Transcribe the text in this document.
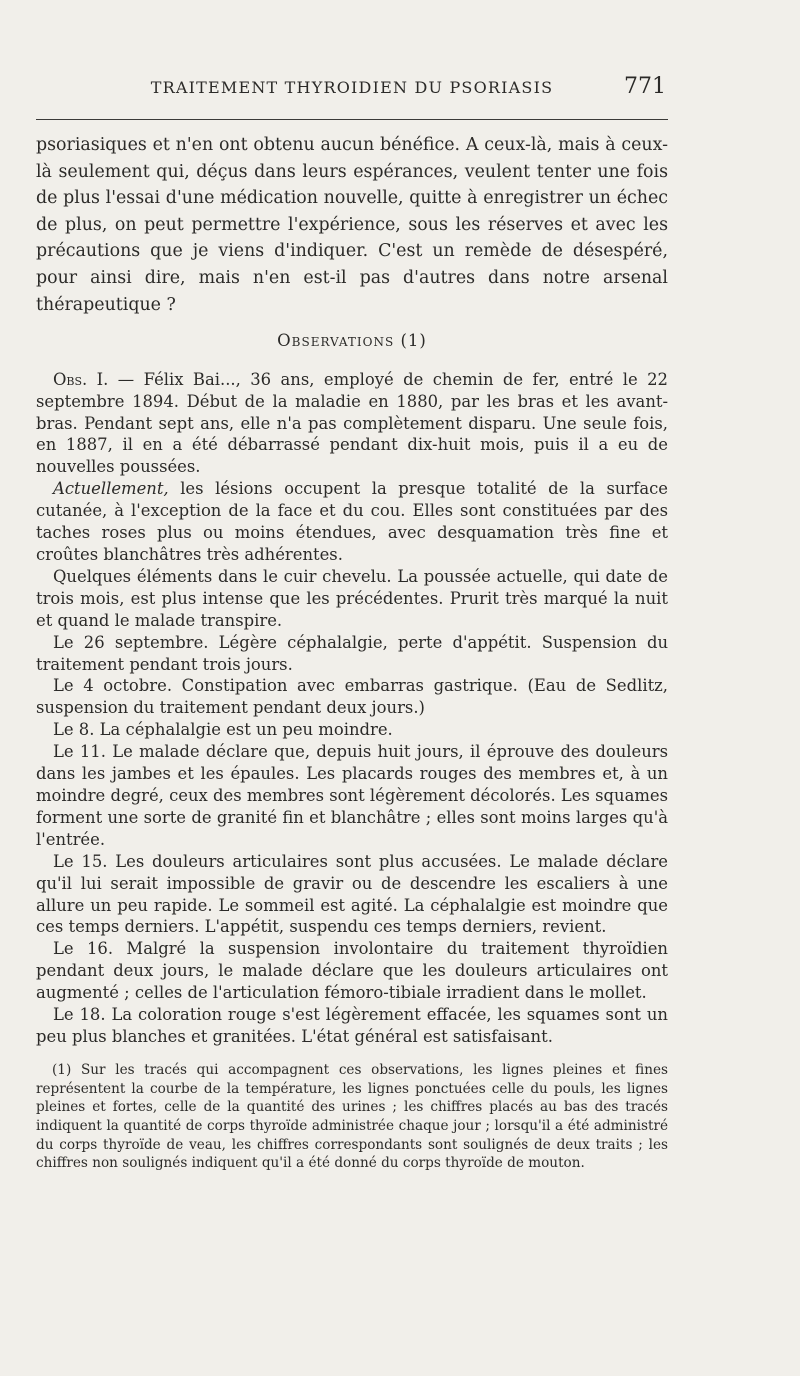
TRAITEMENT THYROIDIEN DU PSORIASIS	771

psoriasiques et n'en ont obtenu aucun bénéfice. A ceux-là, mais à ceux-là seulement qui, déçus dans leurs espérances, veulent tenter une fois de plus l'essai d'une médication nouvelle, quitte à enregistrer un échec de plus, on peut permettre l'expérience, sous les réserves et avec les précautions que je viens d'indiquer. C'est un remède de désespéré, pour ainsi dire, mais n'en est-il pas d'autres dans notre arsenal thérapeutique ?

Observations (1)

Obs. I. — Félix Bai..., 36 ans, employé de chemin de fer, entré le 22 septembre 1894. Début de la maladie en 1880, par les bras et les avant-bras. Pendant sept ans, elle n'a pas complètement disparu. Une seule fois, en 1887, il en a été débarrassé pendant dix-huit mois, puis il a eu de nouvelles poussées.

Actuellement, les lésions occupent la presque totalité de la surface cutanée, à l'exception de la face et du cou. Elles sont constituées par des taches roses plus ou moins étendues, avec desquamation très fine et croûtes blanchâtres très adhérentes.

Quelques éléments dans le cuir chevelu. La poussée actuelle, qui date de trois mois, est plus intense que les précédentes. Prurit très marqué la nuit et quand le malade transpire.

Le 26 septembre. Légère céphalalgie, perte d'appétit. Suspension du traitement pendant trois jours.

Le 4 octobre. Constipation avec embarras gastrique. (Eau de Sedlitz, suspension du traitement pendant deux jours.)

Le 8. La céphalalgie est un peu moindre.

Le 11. Le malade déclare que, depuis huit jours, il éprouve des douleurs dans les jambes et les épaules. Les placards rouges des membres et, à un moindre degré, ceux des membres sont légèrement décolorés. Les squames forment une sorte de granité fin et blanchâtre ; elles sont moins larges qu'à l'entrée.

Le 15. Les douleurs articulaires sont plus accusées. Le malade déclare qu'il lui serait impossible de gravir ou de descendre les escaliers à une allure un peu rapide. Le sommeil est agité. La céphalalgie est moindre que ces temps derniers. L'appétit, suspendu ces temps derniers, revient.

Le 16. Malgré la suspension involontaire du traitement thyroïdien pendant deux jours, le malade déclare que les douleurs articulaires ont augmenté ; celles de l'articulation fémoro-tibiale irradient dans le mollet.

Le 18. La coloration rouge s'est légèrement effacée, les squames sont un peu plus blanches et granitées. L'état général est satisfaisant.

(1) Sur les tracés qui accompagnent ces observations, les lignes pleines et fines représentent la courbe de la température, les lignes ponctuées celle du pouls, les lignes pleines et fortes, celle de la quantité des urines ; les chiffres placés au bas des tracés indiquent la quantité de corps thyroïde administrée chaque jour ; lorsqu'il a été administré du corps thyroïde de veau, les chiffres correspondants sont soulignés de deux traits ; les chiffres non soulignés indiquent qu'il a été donné du corps thyroïde de mouton.
